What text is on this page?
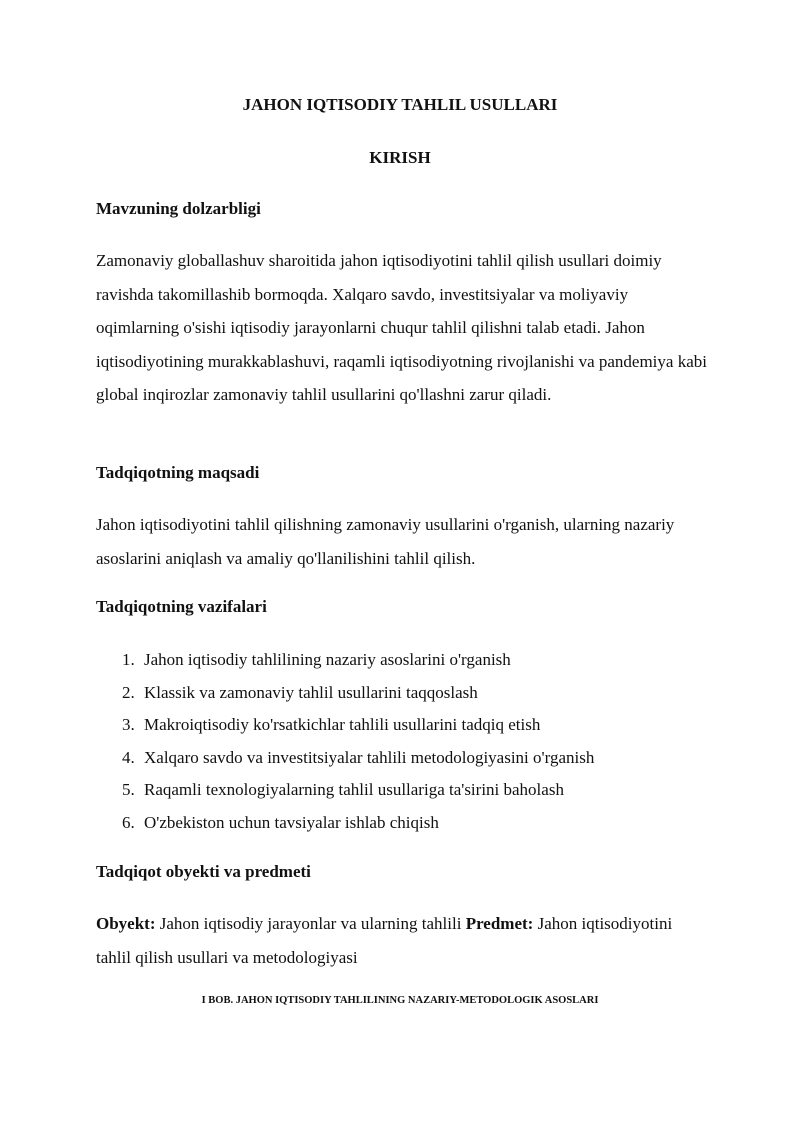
JAHON IQTISODIY TAHLIL USULLARI
KIRISH
Mavzuning dolzarbligi

Zamonaviy globallashuv sharoitida jahon iqtisodiyotini tahlil qilish usullari doimiy ravishda takomillashib bormoqda. Xalqaro savdo, investitsiyalar va moliyaviy oqimlarning o'sishi iqtisodiy jarayonlarni chuqur tahlil qilishni talab etadi. Jahon iqtisodiyotining murakkablashuvi, raqamli iqtisodiyotning rivojlanishi va pandemiya kabi global inqirozlar zamonaviy tahlil usullarini qo'llashni zarur qiladi.

Tadqiqotning maqsadi

Jahon iqtisodiyotini tahlil qilishning zamonaviy usullarini o'rganish, ularning nazariy asoslarini aniqlash va amaliy qo'llanilishini tahlil qilish.

Tadqiqotning vazifalari
1. Jahon iqtisodiy tahlilining nazariy asoslarini o'rganish
2. Klassik va zamonaviy tahlil usullarini taqqoslash
3. Makroiqtisodiy ko'rsatkichlar tahlili usullarini tadqiq etish
4. Xalqaro savdo va investitsiyalar tahlili metodologiyasini o'rganish
5. Raqamli texnologiyalarning tahlil usullariga ta'sirini baholash
6. O'zbekiston uchun tavsiyalar ishlab chiqish
Tadqiqot obyekti va predmeti

Obyekt: Jahon iqtisodiy jarayonlar va ularning tahlili Predmet: Jahon iqtisodiyotini tahlil qilish usullari va metodologiyasi

I BOB. JAHON IQTISODIY TAHLILINING NAZARIY-METODOLOGIK ASOSLARI
